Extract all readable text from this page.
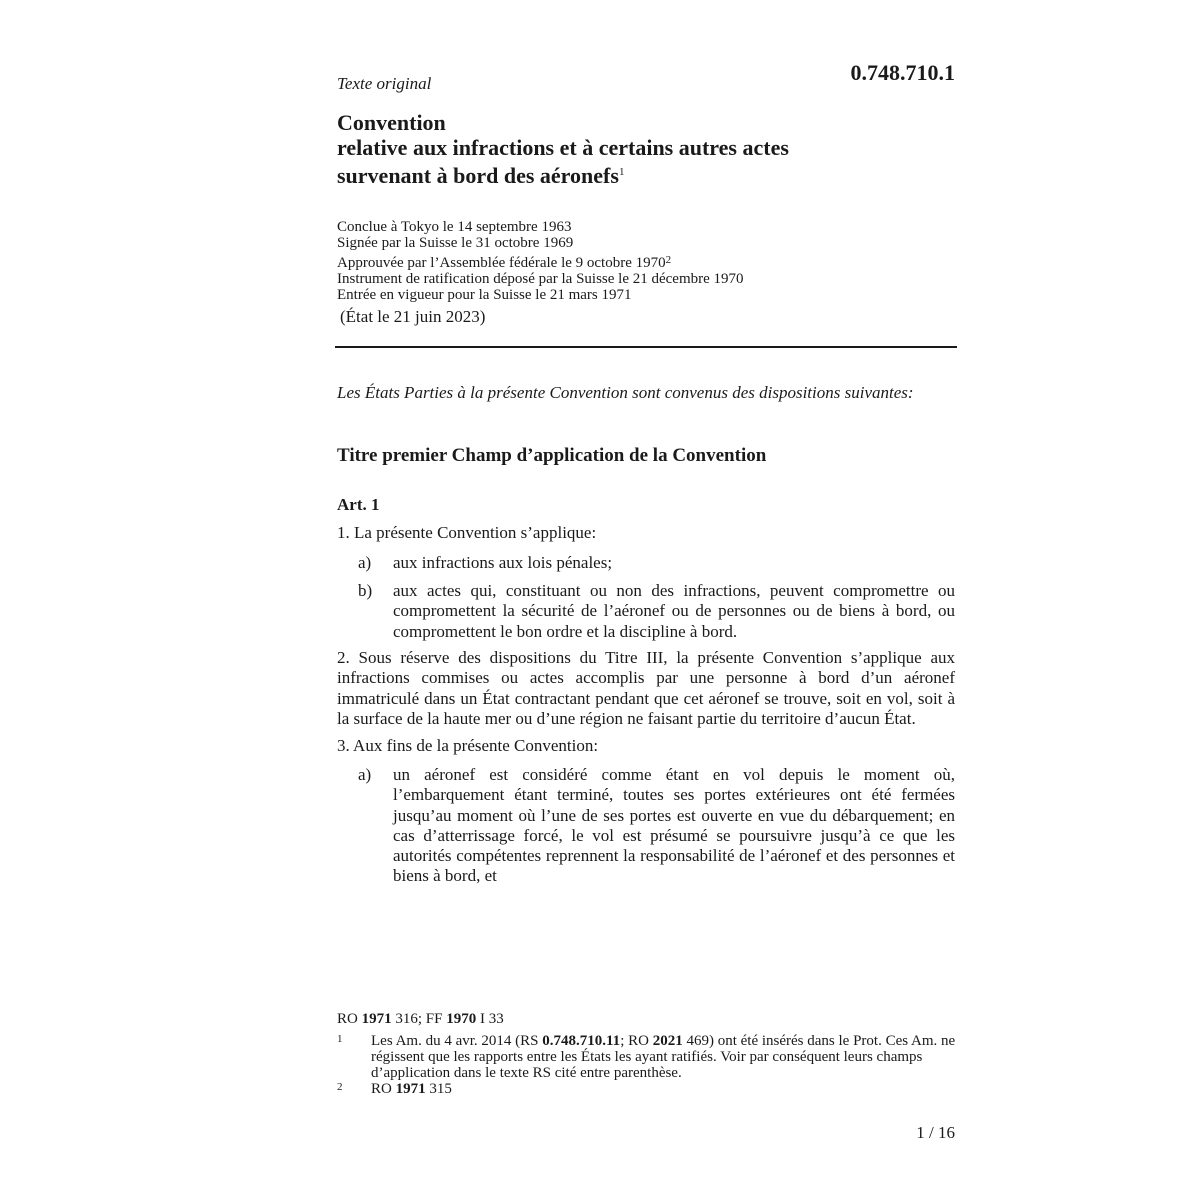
Texte original	0.748.710.1
Convention
relative aux infractions et à certains autres actes
survenant à bord des aéronefs$^1$
Conclue à Tokyo le 14 septembre 1963
Signée par la Suisse le 31 octobre 1969
Approuvée par l’Assemblée fédérale le 9 octobre 1970$^2$
Instrument de ratification déposé par la Suisse le 21 décembre 1970
Entrée en vigueur pour la Suisse le 21 mars 1971
(État le 21 juin 2023)
Les États Parties à la présente Convention sont convenus des dispositions suivantes:
Titre premier Champ d’application de la Convention
Art. 1
1. La présente Convention s’applique:
a) aux infractions aux lois pénales;
b) aux actes qui, constituant ou non des infractions, peuvent compromettre ou compromettent la sécurité de l’aéronef ou de personnes ou de biens à bord, ou compromettent le bon ordre et la discipline à bord.
2. Sous réserve des dispositions du Titre III, la présente Convention s’applique aux infractions commises ou actes accomplis par une personne à bord d’un aéronef immatriculé dans un État contractant pendant que cet aéronef se trouve, soit en vol, soit à la surface de la haute mer ou d’une région ne faisant partie du territoire d’aucun État.
3. Aux fins de la présente Convention:
a) un aéronef est considéré comme étant en vol depuis le moment où, l’embarquement étant terminé, toutes ses portes extérieures ont été fermées jusqu’au moment où l’une de ses portes est ouverte en vue du débarquement; en cas d’atterrissage forcé, le vol est présumé se poursuivre jusqu’à ce que les autorités compétentes reprennent la responsabilité de l’aéronef et des personnes et biens à bord, et
RO 1971 316; FF 1970 I 33
1 Les Am. du 4 avr. 2014 (RS 0.748.710.11; RO 2021 469) ont été insérés dans le Prot. Ces Am. ne régissent que les rapports entre les États les ayant ratifiés. Voir par conséquent leurs champs d’application dans le texte RS cité entre parenthèse.
2 RO 1971 315
1 / 16
